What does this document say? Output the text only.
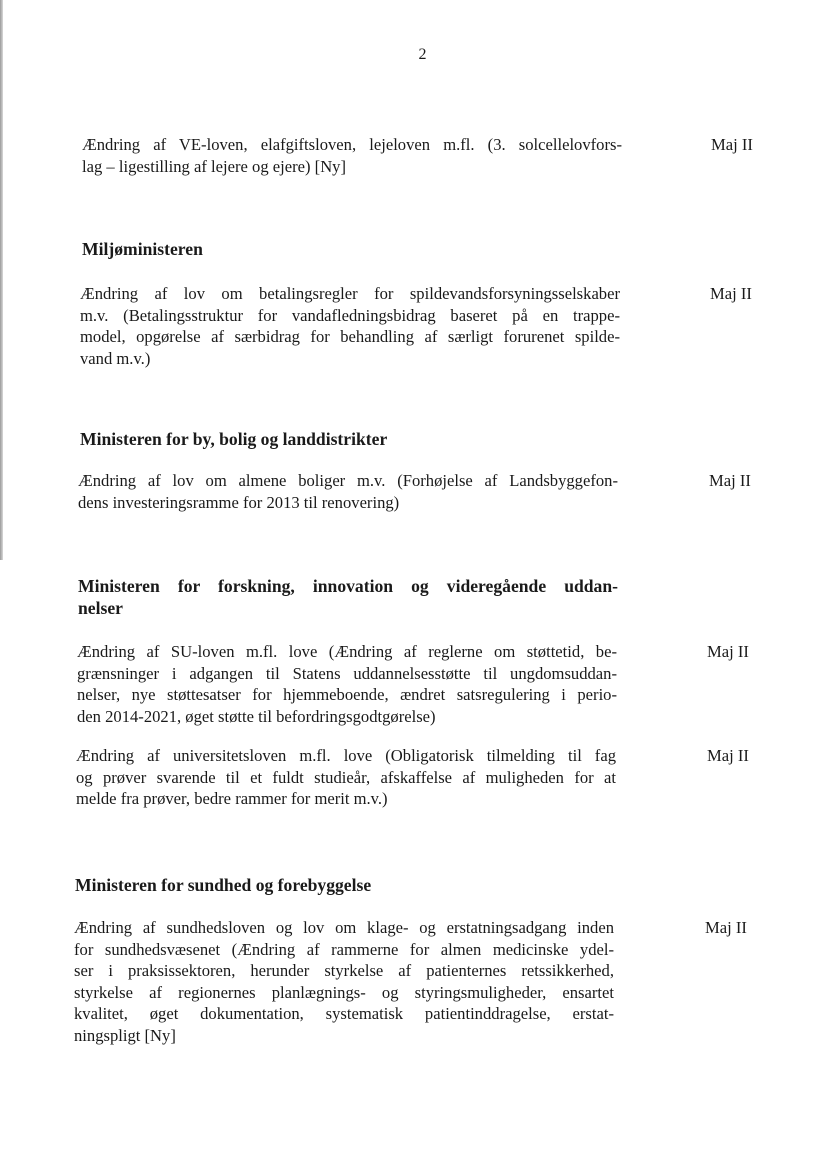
2
Ændring af VE-loven, elafgiftsloven, lejeloven m.fl. (3. solcellelovfors-
lag – ligestilling af lejere og ejere) [Ny]
Maj II
Miljøministeren
Ændring af lov om betalingsregler for spildevandsforsyningsselskaber
m.v. (Betalingsstruktur for vandafledningsbidrag baseret på en trappe-
model, opgørelse af særbidrag for behandling af særligt forurenet spilde-
vand m.v.)
Maj II
Ministeren for by, bolig og landdistrikter
Ændring af lov om almene boliger m.v. (Forhøjelse af Landsbyggefon-
dens investeringsramme for 2013 til renovering)
Maj II
Ministeren for forskning, innovation og videregående uddan-
nelser
Ændring af SU-loven m.fl. love (Ændring af reglerne om støttetid, be-
grænsninger i adgangen til Statens uddannelsesstøtte til ungdomsuddan-
nelser, nye støttesatser for hjemmeboende, ændret satsregulering i perio-
den 2014-2021, øget støtte til befordringsgodtgørelse)
Maj II
Ændring af universitetsloven m.fl. love (Obligatorisk tilmelding til fag
og prøver svarende til et fuldt studieår, afskaffelse af muligheden for at
melde fra prøver, bedre rammer for merit m.v.)
Maj II
Ministeren for sundhed og forebyggelse
Ændring af sundhedsloven og lov om klage- og erstatningsadgang inden
for sundhedsvæsenet (Ændring af rammerne for almen medicinske ydel-
ser i praksissektoren, herunder styrkelse af patienternes retssikkerhed,
styrkelse af regionernes planlægnings- og styringsmuligheder, ensartet
kvalitet, øget dokumentation, systematisk patientinddragelse, erstat-
ningspligt [Ny]
Maj II
